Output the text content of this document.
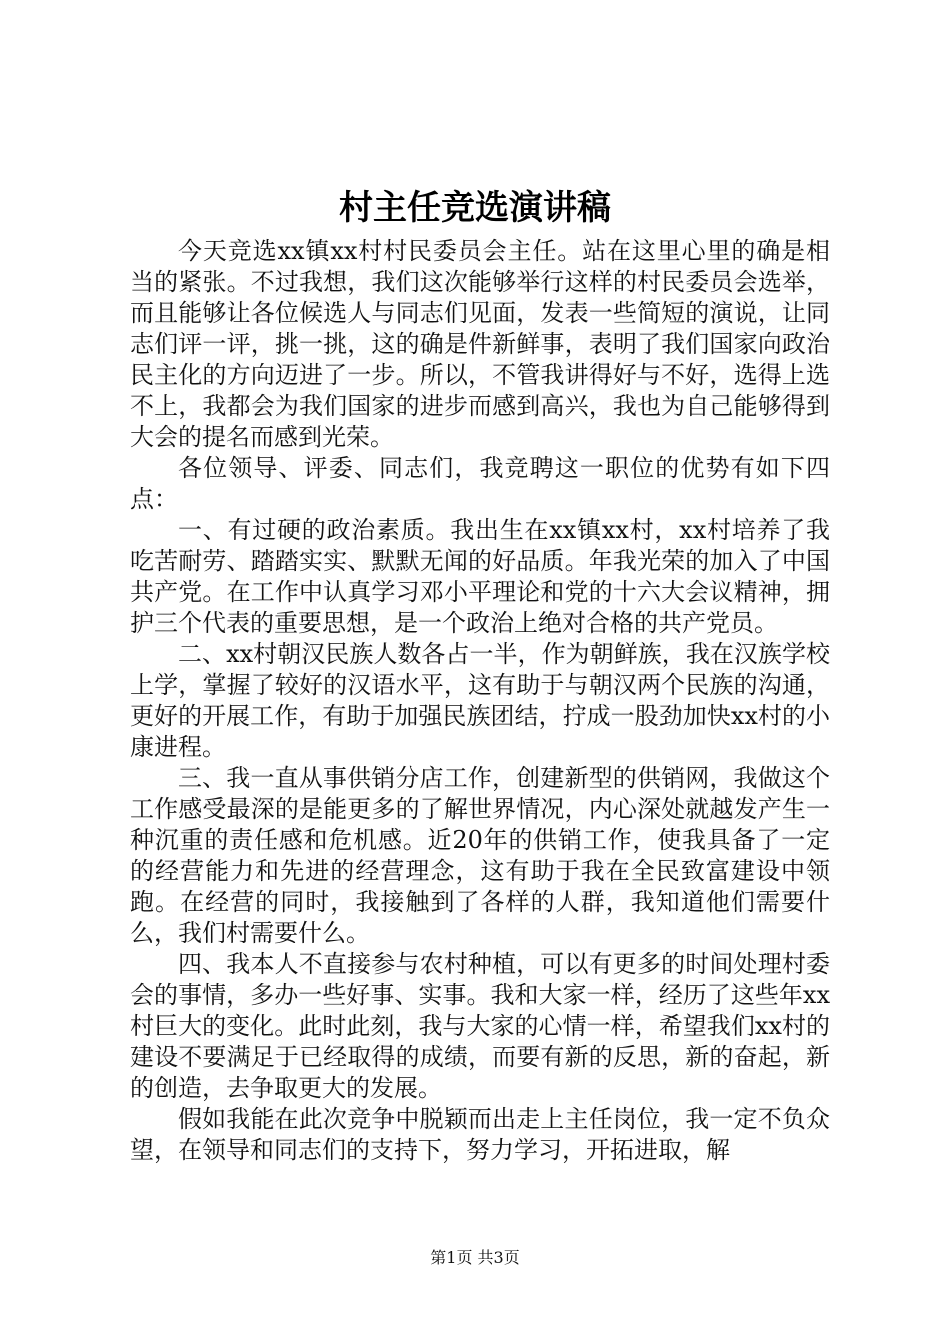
村主任竞选演讲稿

今天竞选xx镇xx村村民委员会主任。站在这里心里的确是相当的紧张。不过我想，我们这次能够举行这样的村民委员会选举，而且能够让各位候选人与同志们见面，发表一些简短的演说，让同志们评一评，挑一挑，这的确是件新鲜事，表明了我们国家向政治民主化的方向迈进了一步。所以，不管我讲得好与不好，选得上选不上，我都会为我们国家的进步而感到高兴，我也为自己能够得到大会的提名而感到光荣。

各位领导、评委、同志们，我竞聘这一职位的优势有如下四点：

一、有过硬的政治素质。我出生在xx镇xx村，xx村培养了我吃苦耐劳、踏踏实实、默默无闻的好品质。年我光荣的加入了中国共产党。在工作中认真学习邓小平理论和党的十六大会议精神，拥护三个代表的重要思想，是一个政治上绝对合格的共产党员。

二、xx村朝汉民族人数各占一半，作为朝鲜族，我在汉族学校上学，掌握了较好的汉语水平，这有助于与朝汉两个民族的沟通，更好的开展工作，有助于加强民族团结，拧成一股劲加快xx村的小康进程。

三、我一直从事供销分店工作，创建新型的供销网，我做这个工作感受最深的是能更多的了解世界情况，内心深处就越发产生一种沉重的责任感和危机感。近20年的供销工作，使我具备了一定的经营能力和先进的经营理念，这有助于我在全民致富建设中领跑。在经营的同时，我接触到了各样的人群，我知道他们需要什么，我们村需要什么。

四、我本人不直接参与农村种植，可以有更多的时间处理村委会的事情，多办一些好事、实事。我和大家一样，经历了这些年xx村巨大的变化。此时此刻，我与大家的心情一样，希望我们xx村的建设不要满足于已经取得的成绩，而要有新的反思，新的奋起，新的创造，去争取更大的发展。

假如我能在此次竞争中脱颖而出走上主任岗位，我一定不负众望，在领导和同志们的支持下，努力学习，开拓进取，解

第1页 共3页
